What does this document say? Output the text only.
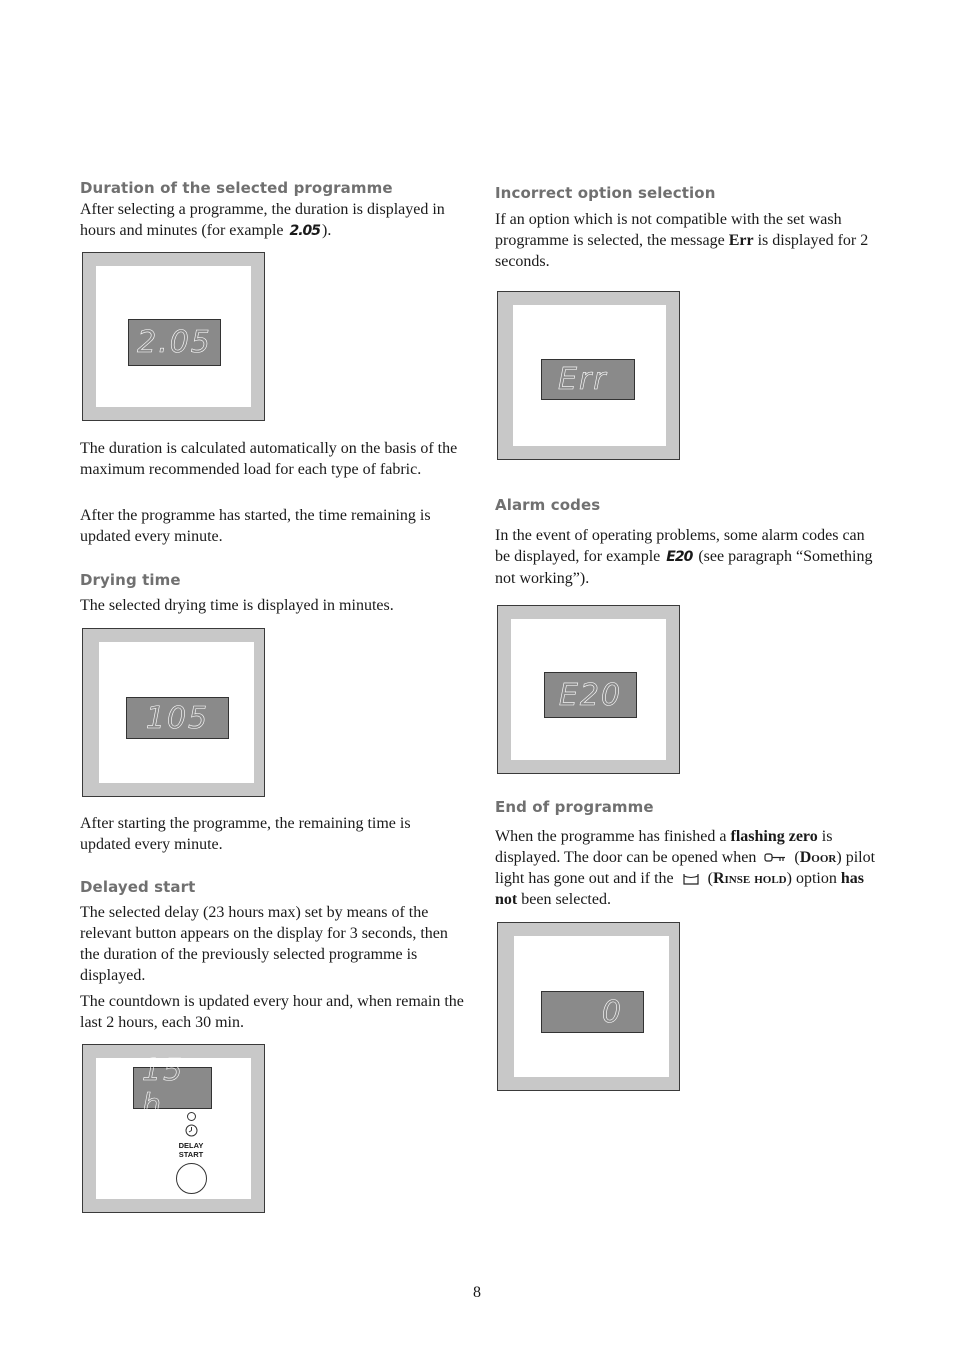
Duration of the selected programme

After selecting a programme, the duration is displayed in hours and minutes (for example 2.05 ).

2.05

The duration is calculated automatically on the basis of the maximum recommended load for each type of fabric.

After the programme has started, the time remaining is updated every minute.

Drying time

The selected drying time is displayed in minutes.

105

After starting the programme, the remaining time is updated every minute.

Delayed start

The selected delay (23 hours max) set by means of the relevant button appears on the display for 3 seconds, then the duration of the previously selected programme is displayed.

The countdown is updated every hour and, when remain the last 2 hours, each 30 min.

15 h
DELAY
START
Incorrect option selection

If an option which is not compatible with the set wash programme is selected, the message Err is displayed for 2 seconds.

Err
Alarm codes

In the event of operating problems, some alarm codes can be displayed, for example E20 (see paragraph “Something not working”).

E20
End of programme

When the programme has finished a flashing zero is displayed. The door can be opened when  (Door) pilot light has gone out and if the  (Rinse hold) option has not been selected.

0
8
